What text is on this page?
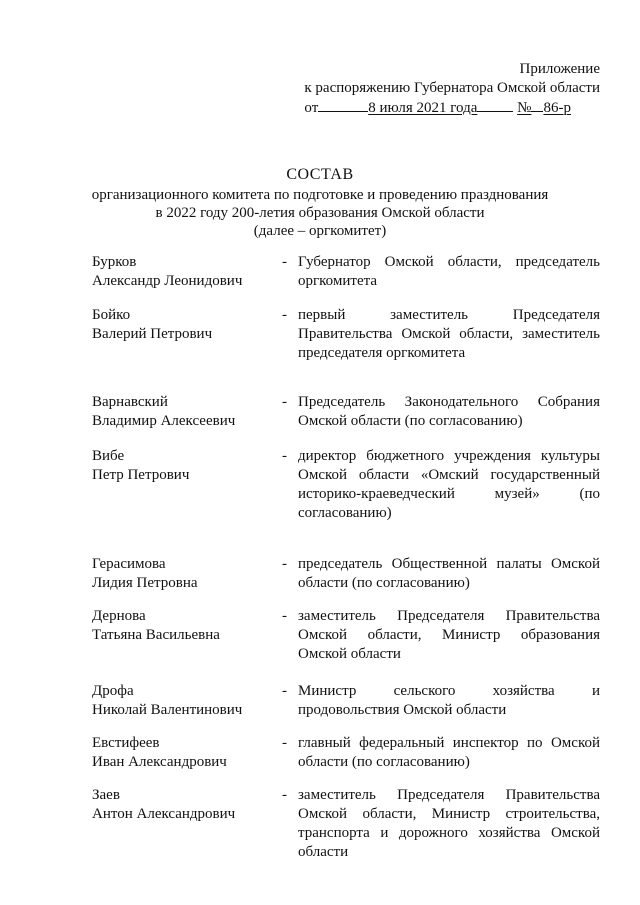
Приложение
к распоряжению Губернатора Омской области
от	8 июля 2021 года	№ 86-р
СОСТАВ
организационного комитета по подготовке и проведению празднования
в 2022 году 200-летия образования Омской области
(далее – оргкомитет)
Бурков
Александр Леонидович
- Губернатор Омской области, председатель оргкомитета
Бойко
Валерий Петрович
- первый заместитель Председателя Правительства Омской области, заместитель председателя оргкомитета
Варнавский
Владимир Алексеевич
- Председатель Законодательного Собрания Омской области (по согласованию)
Вибе
Петр Петрович
- директор бюджетного учреждения культуры Омской области «Омский государственный историко-краеведческий музей» (по согласованию)
Герасимова
Лидия Петровна
- председатель Общественной палаты Омской области (по согласованию)
Дернова
Татьяна Васильевна
- заместитель Председателя Правительства Омской области, Министр образования Омской области
Дрофа
Николай Валентинович
- Министр сельского хозяйства и продовольствия Омской области
Евстифеев
Иван Александрович
- главный федеральный инспектор по Омской области (по согласованию)
Заев
Антон Александрович
- заместитель Председателя Правительства Омской области, Министр строительства, транспорта и дорожного хозяйства Омской области
